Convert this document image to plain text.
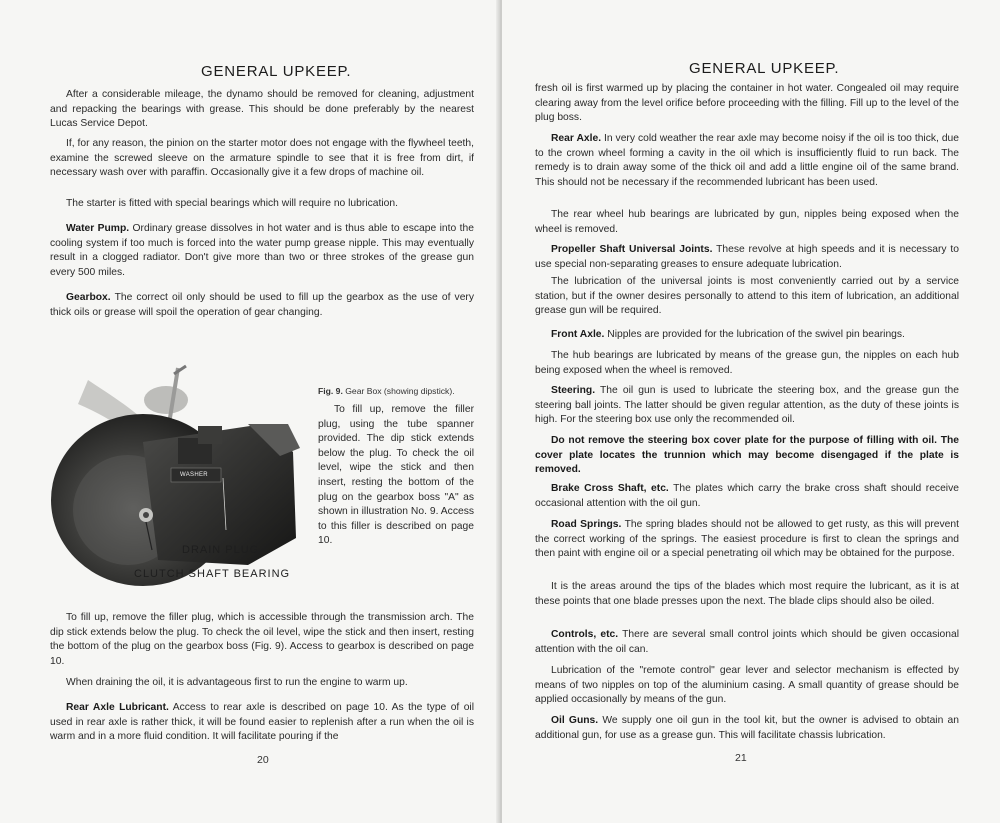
GENERAL UPKEEP.

After a considerable mileage, the dynamo should be removed for cleaning, adjustment and repacking the bearings with grease. This should be done preferably by the nearest Lucas Service Depot.

If, for any reason, the pinion on the starter motor does not engage with the flywheel teeth, examine the screwed sleeve on the armature spindle to see that it is free from dirt, if necessary wash over with paraffin. Occasionally give it a few drops of machine oil.

The starter is fitted with special bearings which will require no lubrication.

Water Pump. Ordinary grease dissolves in hot water and is thus able to escape into the cooling system if too much is forced into the water pump grease nipple. This may eventually result in a clogged radiator. Don't give more than two or three strokes of the grease gun every 500 miles.

Gearbox. The correct oil only should be used to fill up the gearbox as the use of very thick oils or grease will spoil the operation of gear changing.

WASHER
DRAIN PLUG
CLUTCH SHAFT BEARING
Fig. 9. Gear Box (showing dipstick).

To fill up, remove the filler plug, using the tube spanner provided. The dip stick extends below the plug. To check the oil level, wipe the stick and then insert, resting the bottom of the plug on the gearbox boss "A" as shown in illustration No. 9. Access to this filler is described on page 10.

To fill up, remove the filler plug, which is accessible through the transmission arch. The dip stick extends below the plug. To check the oil level, wipe the stick and then insert, resting the bottom of the plug on the gearbox boss (Fig. 9). Access to gearbox is described on page 10.

When draining the oil, it is advantageous first to run the engine to warm up.

Rear Axle Lubricant. Access to rear axle is described on page 10. As the type of oil used in rear axle is rather thick, it will be found easier to replenish after a run when the oil is warm and in a more fluid condition. It will facilitate pouring if the

20
GENERAL UPKEEP.

fresh oil is first warmed up by placing the container in hot water. Congealed oil may require clearing away from the level orifice before proceeding with the filling. Fill up to the level of the plug boss.

Rear Axle. In very cold weather the rear axle may become noisy if the oil is too thick, due to the crown wheel forming a cavity in the oil which is insufficiently fluid to run back. The remedy is to drain away some of the thick oil and add a little engine oil of the same brand. This should not be necessary if the recommended lubricant has been used.

The rear wheel hub bearings are lubricated by gun, nipples being exposed when the wheel is removed.

Propeller Shaft Universal Joints. These revolve at high speeds and it is necessary to use special non-separating greases to ensure adequate lubrication.

The lubrication of the universal joints is most conveniently carried out by a service station, but if the owner desires personally to attend to this item of lubrication, an additional grease gun will be required.

Front Axle. Nipples are provided for the lubrication of the swivel pin bearings.

The hub bearings are lubricated by means of the grease gun, the nipples on each hub being exposed when the wheel is removed.

Steering. The oil gun is used to lubricate the steering box, and the grease gun the steering ball joints. The latter should be given regular attention, as the duty of these joints is high. For the steering box use only the recommended oil.

Do not remove the steering box cover plate for the purpose of filling with oil. The cover plate locates the trunnion which may become disengaged if the plate is removed.

Brake Cross Shaft, etc. The plates which carry the brake cross shaft should receive occasional attention with the oil gun.

Road Springs. The spring blades should not be allowed to get rusty, as this will prevent the correct working of the springs. The easiest procedure is first to clean the springs and then paint with engine oil or a special penetrating oil which may be obtained for the purpose.

It is the areas around the tips of the blades which most require the lubricant, as it is at these points that one blade presses upon the next. The blade clips should also be oiled.

Controls, etc. There are several small control joints which should be given occasional attention with the oil can.

Lubrication of the "remote control" gear lever and selector mechanism is effected by means of two nipples on top of the aluminium casing. A small quantity of grease should be applied occasionally by means of the gun.

Oil Guns. We supply one oil gun in the tool kit, but the owner is advised to obtain an additional gun, for use as a grease gun. This will facilitate chassis lubrication.

21
